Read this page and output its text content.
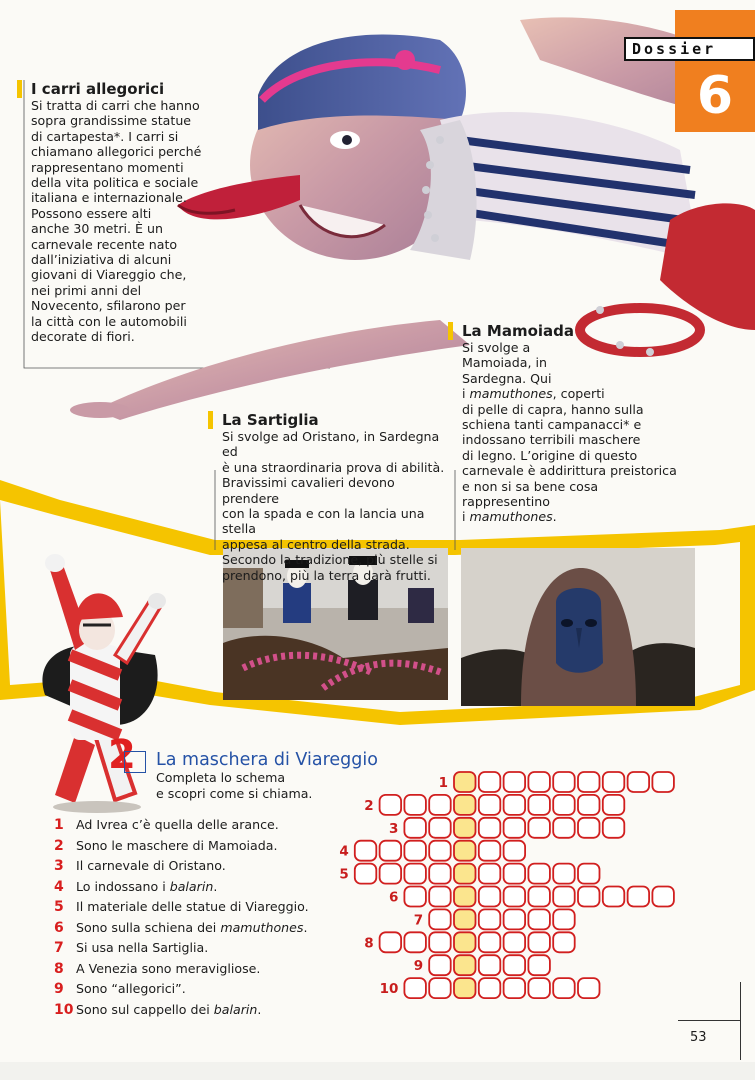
Dossier
6
I carri allegorici
Si tratta di carri che hanno
sopra grandissime statue
di cartapesta*. I carri si
chiamano allegorici perché
rappresentano momenti
della vita politica e sociale
italiana e internazionale.
Possono essere alti
anche 30 metri. È un
carnevale recente nato
dall’iniziativa di alcuni
giovani di Viareggio che,
nei primi anni del
Novecento, sfilarono per
la città con le automobili
decorate di fiori.
La Sartiglia
Si svolge ad Oristano, in Sardegna ed
è una straordinaria prova di abilità.
Bravissimi cavalieri devono prendere
con la spada e con la lancia una stella
appesa al centro della strada.
Secondo la tradizione, più stelle si
prendono, più la terra darà frutti.
La Mamoiada
Si svolge a
Mamoiada, in
Sardegna. Qui
i mamuthones, coperti
di pelle di capra, hanno sulla
schiena tanti campanacci* e
indossano terribili maschere
di legno. L’origine di questo
carnevale è addirittura preistorica
e non si sa bene cosa rappresentino
i mamuthones.
2 La maschera di Viareggio
Completa lo schema
e scopri come si chiama.
1 Ad Ivrea c’è quella delle arance.
2 Sono le maschere di Mamoiada.
3 Il carnevale di Oristano.
4 Lo indossano i balarin.
5 Il materiale delle statue di Viareggio.
6 Sono sulla schiena dei mamuthones.
7 Si usa nella Sartiglia.
8 A Venezia sono meravigliose.
9 Sono “allegorici”.
10 Sono sul cappello dei balarin.
1
2
3
4
5
6
7
8
9
10
53
